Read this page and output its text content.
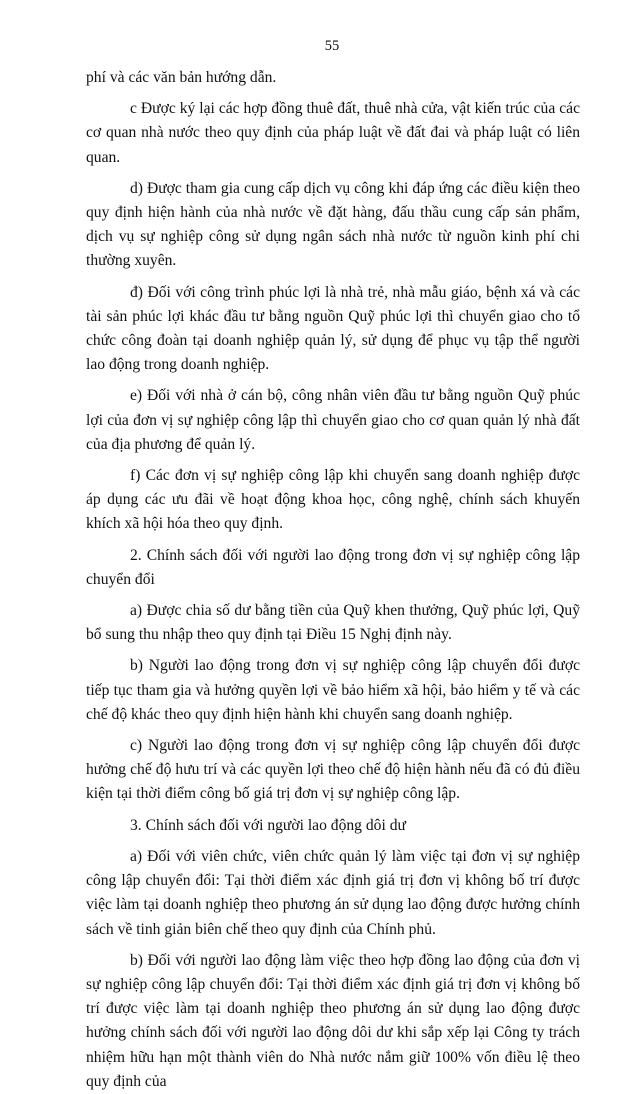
55

phí và các văn bản hướng dẫn.

c Được ký lại các hợp đồng thuê đất, thuê nhà cửa, vật kiến trúc của các cơ quan nhà nước theo quy định của pháp luật về đất đai và pháp luật có liên quan.

d) Được tham gia cung cấp dịch vụ công khi đáp ứng các điều kiện theo quy định hiện hành của nhà nước về đặt hàng, đấu thầu cung cấp sản phẩm, dịch vụ sự nghiệp công sử dụng ngân sách nhà nước từ nguồn kinh phí chi thường xuyên.

đ) Đối với công trình phúc lợi là nhà trẻ, nhà mẫu giáo, bệnh xá và các tài sản phúc lợi khác đầu tư bằng nguồn Quỹ phúc lợi thì chuyển giao cho tổ chức công đoàn tại doanh nghiệp quản lý, sử dụng để phục vụ tập thể người lao động trong doanh nghiệp.

e) Đối với nhà ở cán bộ, công nhân viên đầu tư bằng nguồn Quỹ phúc lợi của đơn vị sự nghiệp công lập thì chuyển giao cho cơ quan quản lý nhà đất của địa phương để quản lý.

f) Các đơn vị sự nghiệp công lập khi chuyển sang doanh nghiệp được áp dụng các ưu đãi về hoạt động khoa học, công nghệ, chính sách khuyến khích xã hội hóa theo quy định.

2. Chính sách đối với người lao động trong đơn vị sự nghiệp công lập chuyển đổi

a) Được chia số dư bằng tiền của Quỹ khen thưởng, Quỹ phúc lợi, Quỹ bổ sung thu nhập theo quy định tại Điều 15 Nghị định này.

b) Người lao động trong đơn vị sự nghiệp công lập chuyển đổi được tiếp tục tham gia và hưởng quyền lợi về bảo hiểm xã hội, bảo hiểm y tế và các chế độ khác theo quy định hiện hành khi chuyển sang doanh nghiệp.

c) Người lao động trong đơn vị sự nghiệp công lập chuyển đổi được hưởng chế độ hưu trí và các quyền lợi theo chế độ hiện hành nếu đã có đủ điều kiện tại thời điểm công bố giá trị đơn vị sự nghiệp công lập.

3. Chính sách đối với người lao động dôi dư

a) Đối với viên chức, viên chức quản lý làm việc tại đơn vị sự nghiệp công lập chuyển đổi: Tại thời điểm xác định giá trị đơn vị không bố trí được việc làm tại doanh nghiệp theo phương án sử dụng lao động được hưởng chính sách về tinh giản biên chế theo quy định của Chính phủ.

b) Đối với người lao động làm việc theo hợp đồng lao động của đơn vị sự nghiệp công lập chuyển đổi: Tại thời điểm xác định giá trị đơn vị không bố trí được việc làm tại doanh nghiệp theo phương án sử dụng lao động được hưởng chính sách đối với người lao động dôi dư khi sắp xếp lại Công ty trách nhiệm hữu hạn một thành viên do Nhà nước nắm giữ 100% vốn điều lệ theo quy định của
